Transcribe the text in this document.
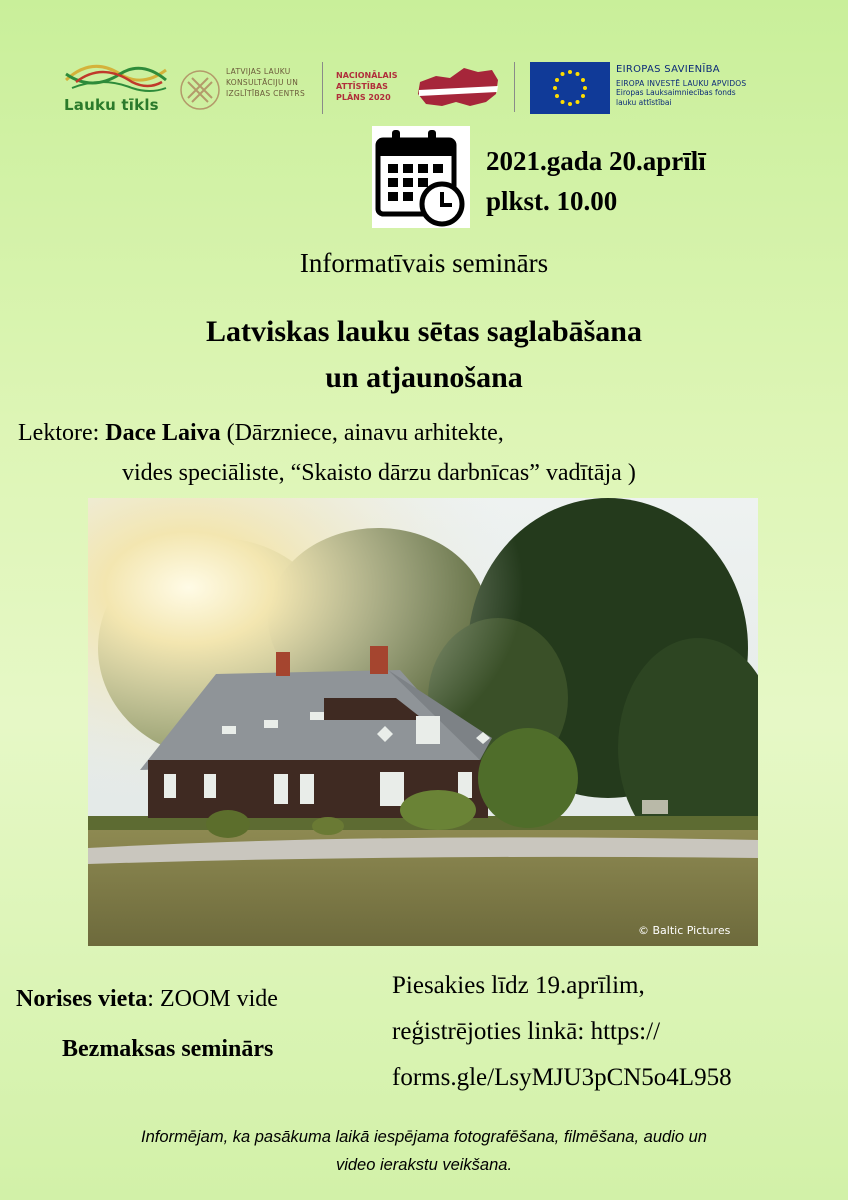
Lauku tīkls
LATVIJAS LAUKU
KONSULTĀCIJU UN
IZGLĪTĪBAS CENTRS
NACIONĀLAIS
ATTĪSTĪBAS
PLĀNS 2020
EIROPAS SAVIENĪBA
EIROPA INVESTĒ LAUKU APVIDOS
Eiropas Lauksaimniecības fonds
lauku attīstībai
2021.gada 20.aprīlī
plkst. 10.00
Informatīvais seminārs
Latviskas lauku sētas saglabāšana
un atjaunošana
Lektore: Dace Laiva (Dārzniece, ainavu arhitekte,
vides speciāliste, “Skaisto dārzu darbnīcas” vadītāja )
© Baltic Pictures
Norises vieta: ZOOM vide
Bezmaksas seminārs
Piesakies līdz 19.aprīlim,
reģistrējoties linkā: https://
forms.gle/LsyMJU3pCN5o4L958
Informējam, ka pasākuma laikā iespējama fotografēšana, filmēšana, audio un
video ierakstu veikšana.
